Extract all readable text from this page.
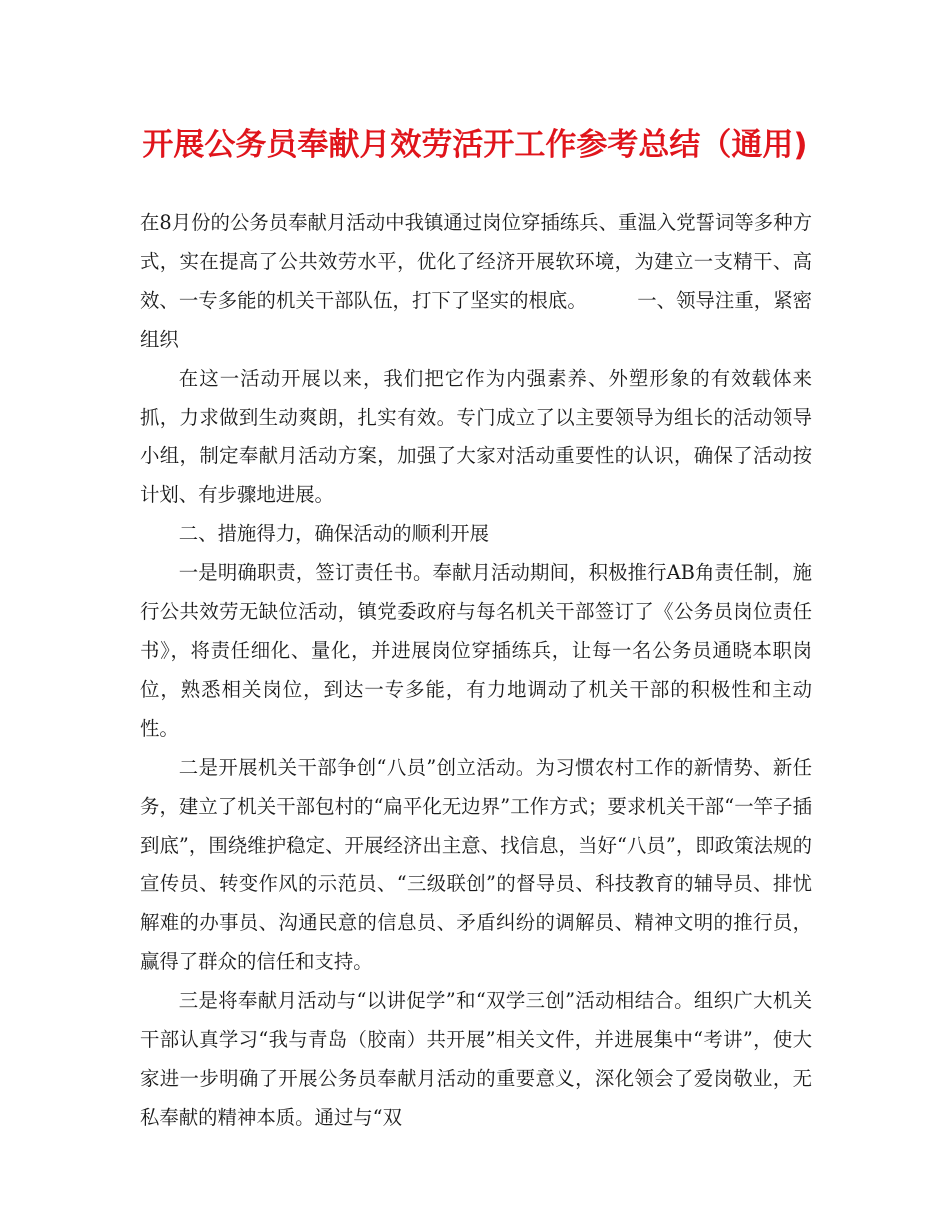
开展公务员奉献月效劳活开工作参考总结（通用)

在8月份的公务员奉献月活动中我镇通过岗位穿插练兵、重温入党誓词等多种方式，实在提高了公共效劳水平，优化了经济开展软环境，为建立一支精干、高效、一专多能的机关干部队伍，打下了坚实的根底。	一、领导注重，紧密组织

在这一活动开展以来，我们把它作为内强素养、外塑形象的有效载体来抓，力求做到生动爽朗，扎实有效。专门成立了以主要领导为组长的活动领导小组，制定奉献月活动方案，加强了大家对活动重要性的认识，确保了活动按计划、有步骤地进展。

二、措施得力，确保活动的顺利开展

一是明确职责，签订责任书。奉献月活动期间，积极推行AB角责任制，施行公共效劳无缺位活动，镇党委政府与每名机关干部签订了《公务员岗位责任书》，将责任细化、量化，并进展岗位穿插练兵，让每一名公务员通晓本职岗位，熟悉相关岗位，到达一专多能，有力地调动了机关干部的积极性和主动性。

二是开展机关干部争创“八员”创立活动。为习惯农村工作的新情势、新任务，建立了机关干部包村的“扁平化无边界”工作方式；要求机关干部“一竿子插到底”，围绕维护稳定、开展经济出主意、找信息，当好“八员”，即政策法规的宣传员、转变作风的示范员、“三级联创”的督导员、科技教育的辅导员、排忧解难的办事员、沟通民意的信息员、矛盾纠纷的调解员、精神文明的推行员，赢得了群众的信任和支持。

三是将奉献月活动与“以讲促学”和“双学三创”活动相结合。组织广大机关干部认真学习“我与青岛（胶南）共开展”相关文件，并进展集中“考讲”，使大家进一步明确了开展公务员奉献月活动的重要意义，深化领会了爱岗敬业，无私奉献的精神本质。通过与“双
